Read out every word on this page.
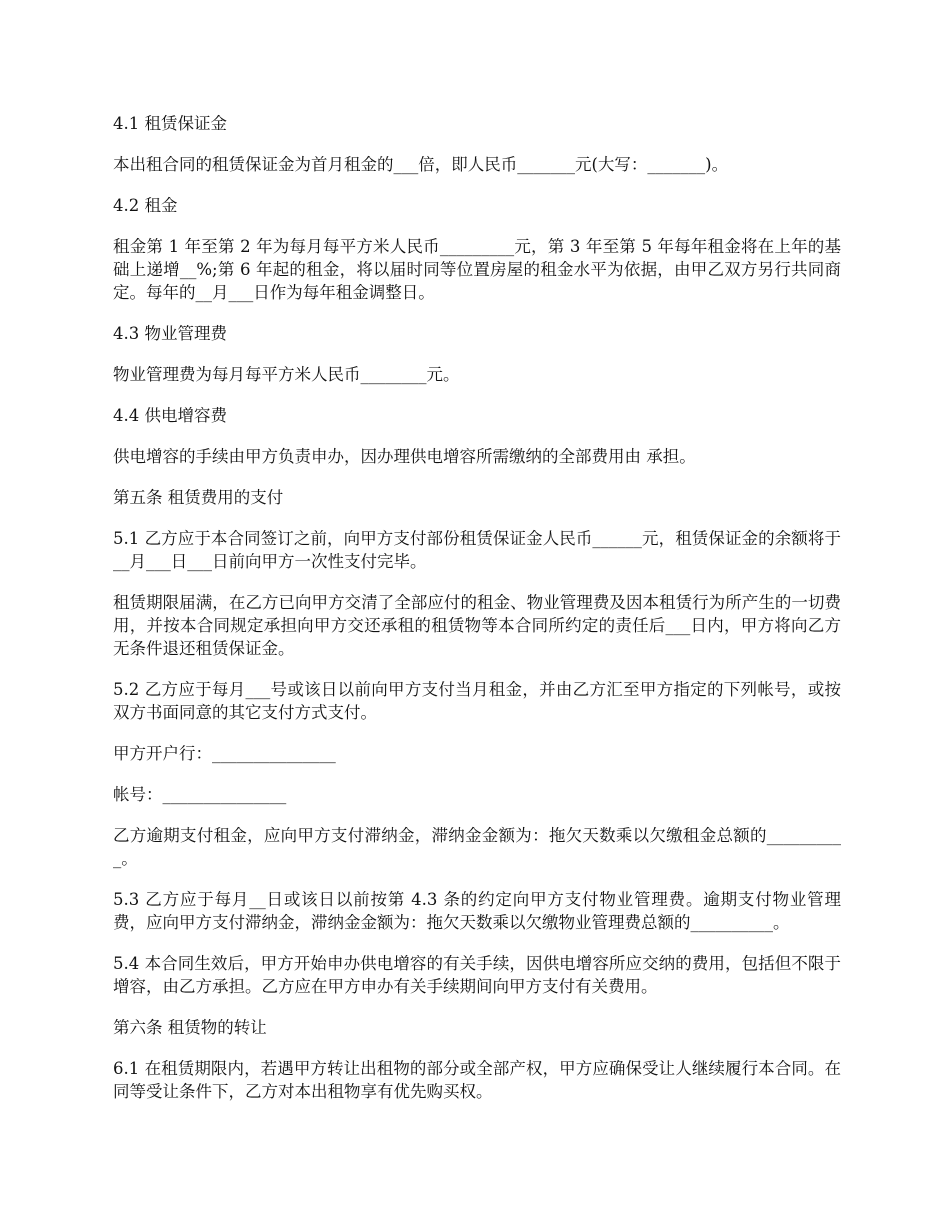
4.1 租赁保证金

本出租合同的租赁保证金为首月租金的___倍，即人民币_______元(大写：_______)。

4.2 租金

租金第 1 年至第 2 年为每月每平方米人民币_________元，第 3 年至第 5 年每年租金将在上年的基础上递增__%;第 6 年起的租金，将以届时同等位置房屋的租金水平为依据，由甲乙双方另行共同商定。每年的__月___日作为每年租金调整日。

4.3 物业管理费

物业管理费为每月每平方米人民币________元。

4.4 供电增容费

供电增容的手续由甲方负责申办，因办理供电增容所需缴纳的全部费用由 承担。

第五条 租赁费用的支付

5.1 乙方应于本合同签订之前，向甲方支付部份租赁保证金人民币______元，租赁保证金的余额将于__月___日___日前向甲方一次性支付完毕。

租赁期限届满，在乙方已向甲方交清了全部应付的租金、物业管理费及因本租赁行为所产生的一切费用，并按本合同规定承担向甲方交还承租的租赁物等本合同所约定的责任后___日内，甲方将向乙方无条件退还租赁保证金。

5.2 乙方应于每月___号或该日以前向甲方支付当月租金，并由乙方汇至甲方指定的下列帐号，或按双方书面同意的其它支付方式支付。

甲方开户行：_______________

帐号：_______________

乙方逾期支付租金，应向甲方支付滞纳金，滞纳金金额为：拖欠天数乘以欠缴租金总额的__________。

5.3 乙方应于每月__日或该日以前按第 4.3 条的约定向甲方支付物业管理费。逾期支付物业管理费，应向甲方支付滞纳金，滞纳金金额为：拖欠天数乘以欠缴物业管理费总额的__________。

5.4 本合同生效后，甲方开始申办供电增容的有关手续，因供电增容所应交纳的费用，包括但不限于增容，由乙方承担。乙方应在甲方申办有关手续期间向甲方支付有关费用。

第六条 租赁物的转让

6.1 在租赁期限内，若遇甲方转让出租物的部分或全部产权，甲方应确保受让人继续履行本合同。在同等受让条件下，乙方对本出租物享有优先购买权。
